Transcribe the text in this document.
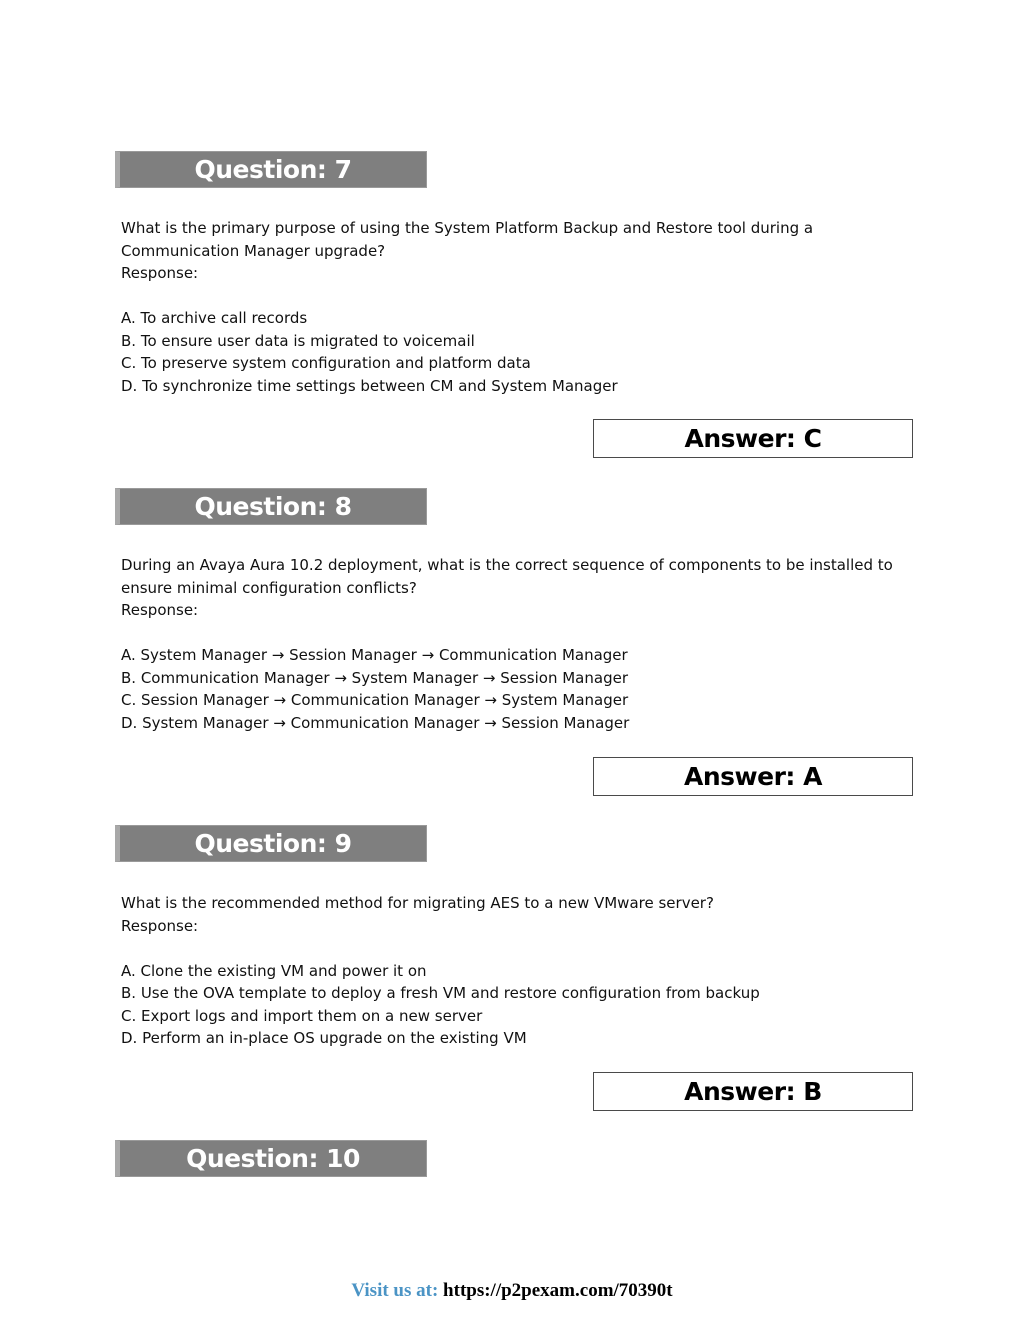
Question: 7
What is the primary purpose of using the System Platform Backup and Restore tool during a Communication Manager upgrade?
Response:
A. To archive call records
B. To ensure user data is migrated to voicemail
C. To preserve system configuration and platform data
D. To synchronize time settings between CM and System Manager
Answer: C
Question: 8
During an Avaya Aura 10.2 deployment, what is the correct sequence of components to be installed to ensure minimal configuration conflicts?
Response:
A. System Manager → Session Manager → Communication Manager
B. Communication Manager → System Manager → Session Manager
C. Session Manager → Communication Manager → System Manager
D. System Manager → Communication Manager → Session Manager
Answer: A
Question: 9
What is the recommended method for migrating AES to a new VMware server?
Response:
A. Clone the existing VM and power it on
B. Use the OVA template to deploy a fresh VM and restore configuration from backup
C. Export logs and import them on a new server
D. Perform an in-place OS upgrade on the existing VM
Answer: B
Question: 10
Visit us at: https://p2pexam.com/70390t
